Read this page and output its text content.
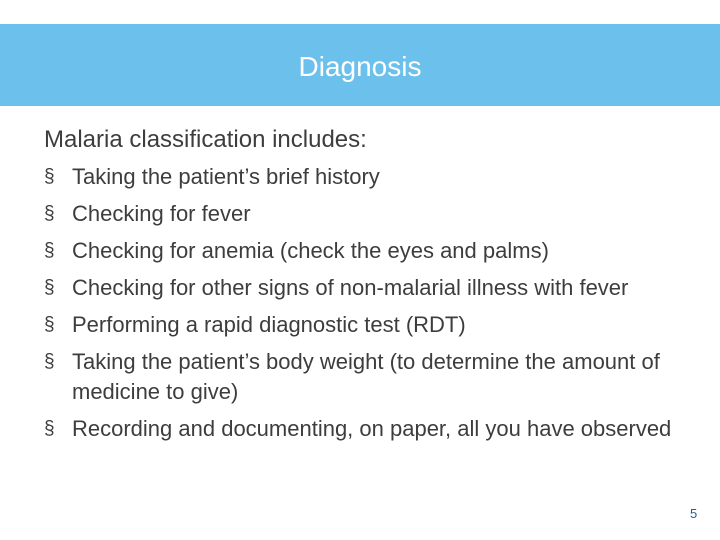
Diagnosis
Malaria classification includes:
§ Taking the patient’s brief history
§ Checking for fever
§ Checking for anemia (check the eyes and palms)
§ Checking for other signs of non-malarial illness with fever
§ Performing a rapid diagnostic test (RDT)
§ Taking the patient’s body weight (to determine the amount of medicine to give)
§ Recording and documenting, on paper, all you have observed
5
